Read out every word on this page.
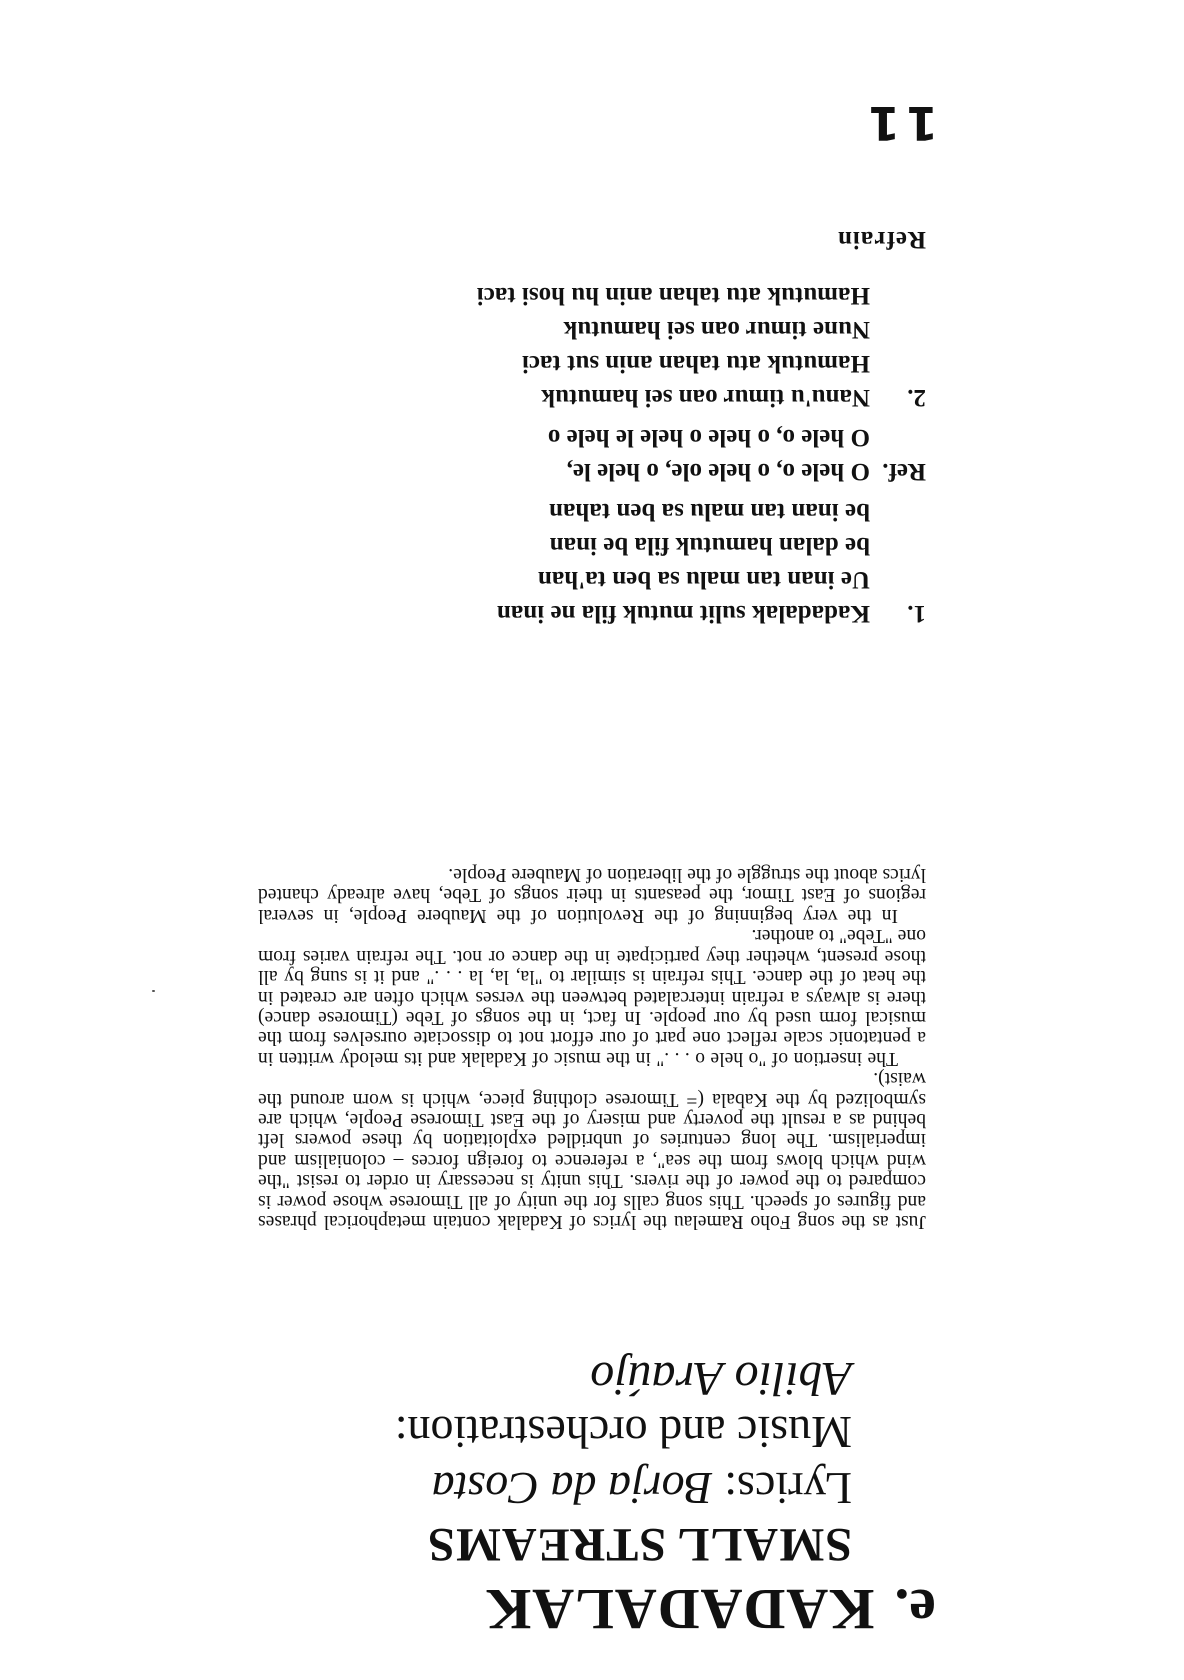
e.
KADADALAK
SMALL STREAMS
Lyrics: Borja da Costa
Music and orchestration:
Abilio Araújo

Just as the song Foho Ramelau the lyrics of Kadalak contain metaphorical phrases and figures of speech. This song calls for the unity of all Timorese whose power is compared to the power of the rivers. This unity is necessary in order to resist "the wind which blows from the sea", a reference to foreign forces – colonialism and imperialism. The long centuries of unbridled exploitation by these powers left behind as a result the poverty and misery of the East Timorese People, which are symbolized by the Kabala (= Timorese clothing piece, which is worn around the waist).

The insertion of "o hele o . . ." in the music of Kadalak and its melody written in a pentatonic scale reflect one part of our effort not to dissociate ourselves from the musical form used by our people. In fact, in the songs of Tebe (Timorese dance) there is always a refrain intercalated between the verses which often are created in the heat of the dance. This refrain is similar to "la, la, la . . ." and it is sung by all those present, whether they participate in the dance or not. The refrain varies from one "Tebe" to another.

In the very beginning of the Revolution of the Maubere People, in several regions of East Timor, the peasants in their songs of Tebe, have already chanted lyrics about the struggle of the liberation of Maubere People.

1.
Kadadalak sulit mutuk fila ne inan
Ue inan tan malu sa ben ta'han
be dalan hamutuk fila be inan
be inan tan malu sa ben tahan
Ref.
O hele o, o hele ole, o hele le,
O hele o, o hele o hele le hele o
2.
Nanu'u timur oan sei hamutuk
Hamutuk atu tahan anin sut taci
Nune timur oan sei hamutuk
Hamutuk atu tahan anin hu hosi taci
Refrain
11
